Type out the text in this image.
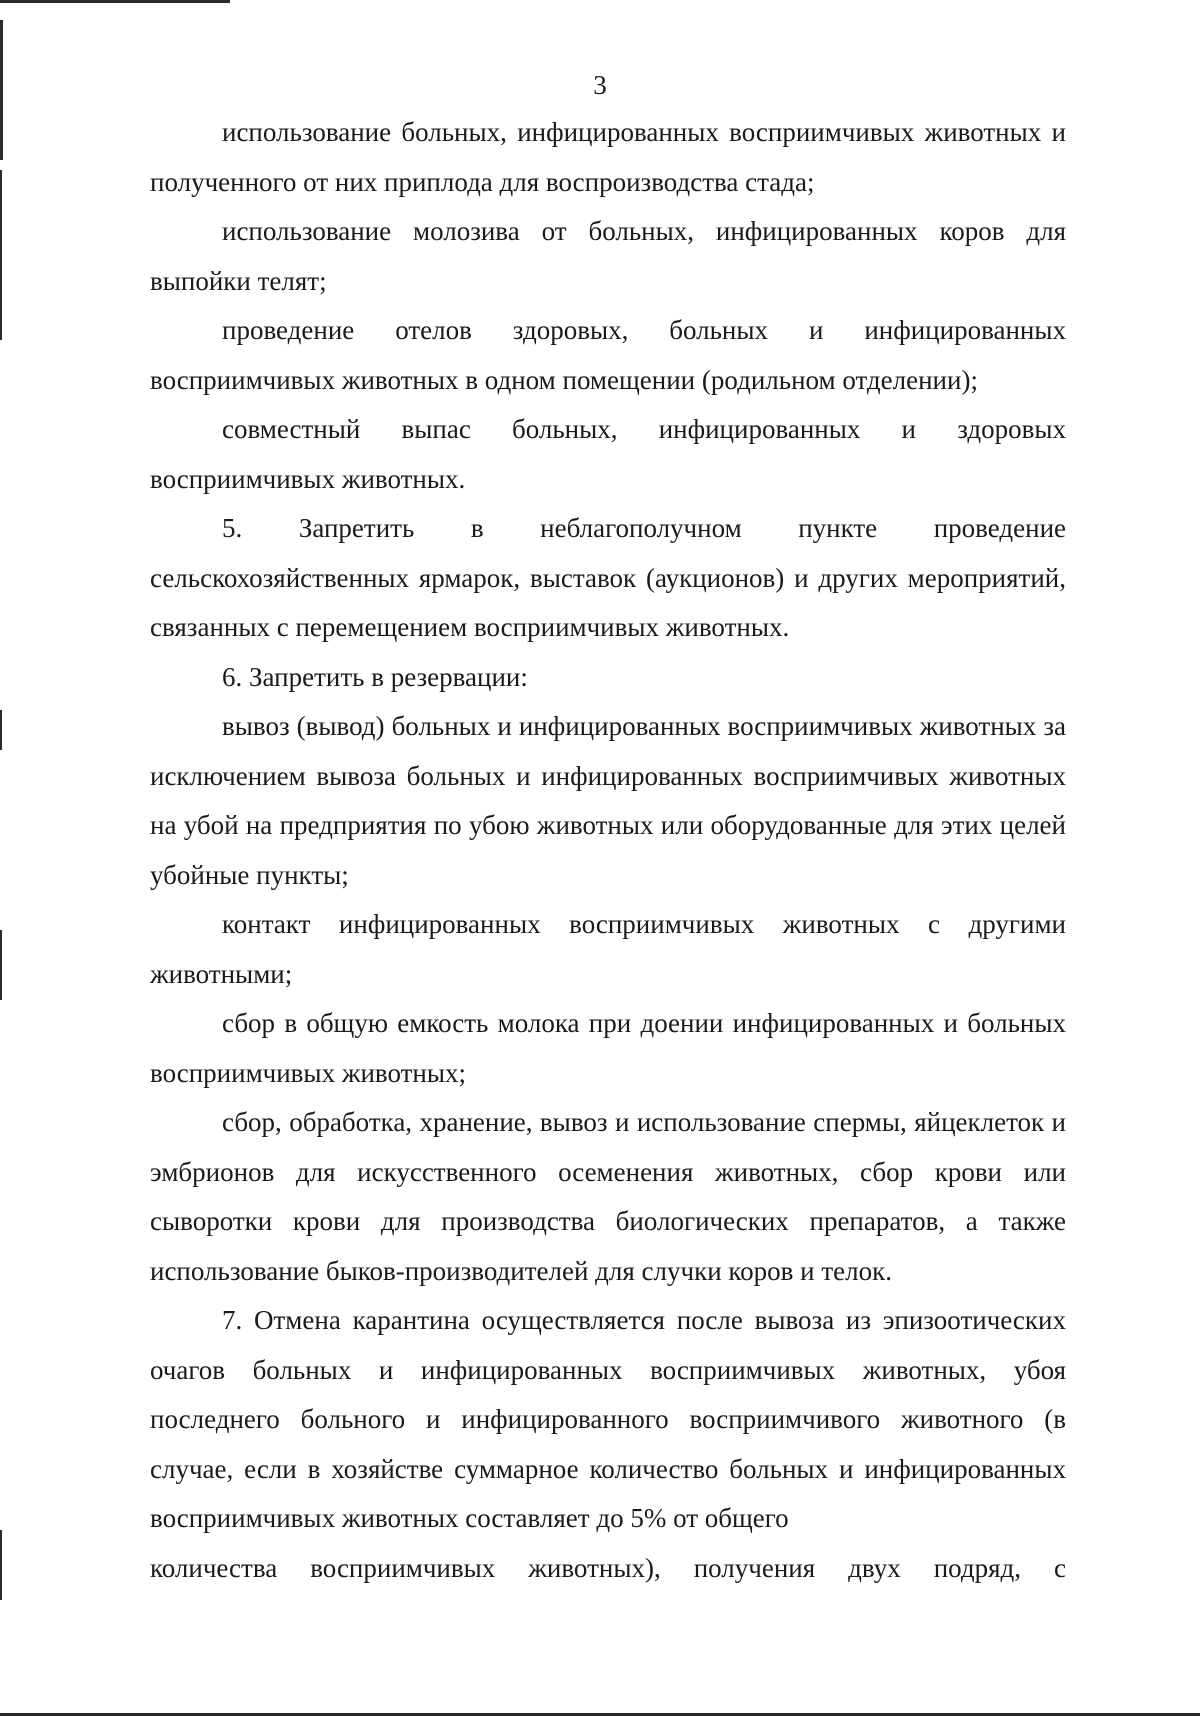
3

использование больных, инфицированных восприимчивых животных и полученного от них приплода для воспроизводства стада;

использование молозива от больных, инфицированных коров для выпойки телят;

проведение отелов здоровых, больных и инфицированных восприимчивых животных в одном помещении (родильном отделении);

совместный выпас больных, инфицированных и здоровых восприимчивых животных.

5. Запретить в неблагополучном пункте проведение сельскохозяйственных ярмарок, выставок (аукционов) и других мероприятий, связанных с перемещением восприимчивых животных.

6. Запретить в резервации:

вывоз (вывод) больных и инфицированных восприимчивых животных за исключением вывоза больных и инфицированных восприимчивых животных на убой на предприятия по убою животных или оборудованные для этих целей убойные пункты;

контакт инфицированных восприимчивых животных с другими животными;

сбор в общую емкость молока при доении инфицированных и больных восприимчивых животных;

сбор, обработка, хранение, вывоз и использование спермы, яйцеклеток и эмбрионов для искусственного осеменения животных, сбор крови или сыворотки крови для производства биологических препаратов, а также использование быков-производителей для случки коров и телок.

7. Отмена карантина осуществляется после вывоза из эпизоотических очагов больных и инфицированных восприимчивых животных, убоя последнего больного и инфицированного восприимчивого животного (в случае, если в хозяйстве суммарное количество больных и инфицированных восприимчивых животных составляет до 5% от общего

количества восприимчивых животных), получения двух подряд, с
